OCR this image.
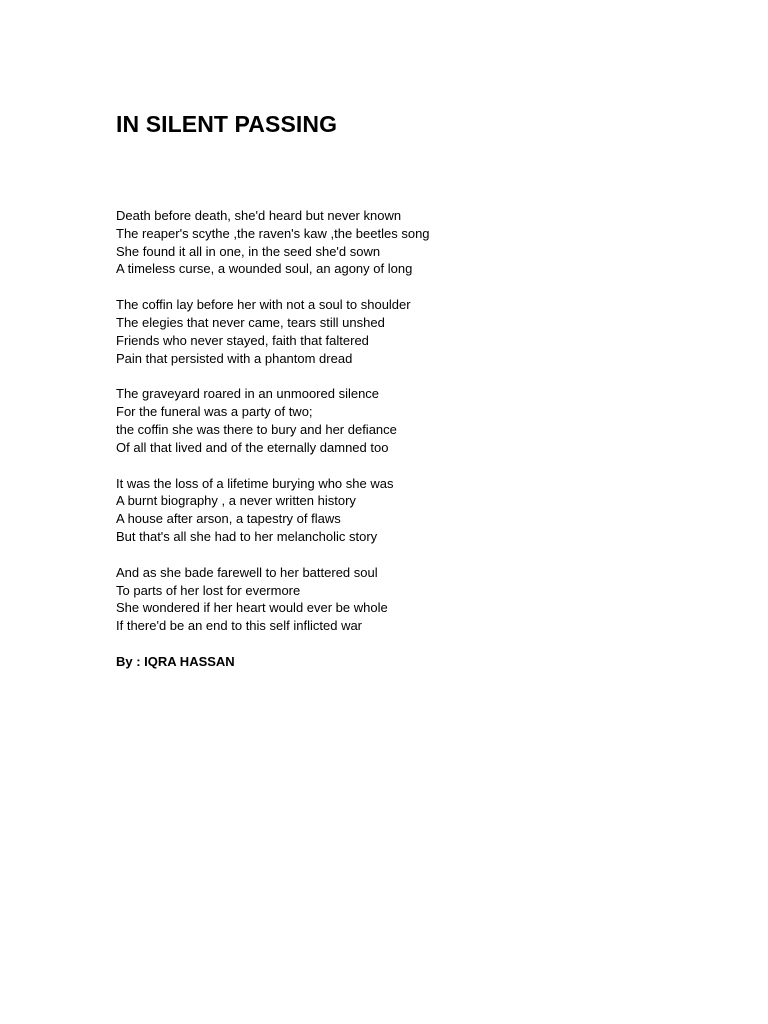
IN SILENT PASSING
Death before death, she'd heard but never known
The reaper's scythe ,the raven's kaw ,the beetles song
She found it all in one, in the seed she'd sown
A timeless curse, a wounded soul, an agony of long
The coffin lay before her with not a soul to shoulder
The elegies that never came, tears still unshed
Friends who never stayed, faith that faltered
Pain that persisted with a phantom dread
The graveyard roared in an unmoored silence
For the funeral was a party of two;
the coffin she was there to bury and her defiance
Of all that lived and of the eternally damned too
It was the loss of a lifetime burying who she was
A burnt biography , a never written history
A house after arson, a tapestry of flaws
But that's all she had to her melancholic story
And as she bade farewell to her battered soul
To parts of her lost for evermore
She wondered if her heart would ever be whole
If there'd be an end to this self inflicted war

By : IQRA HASSAN
